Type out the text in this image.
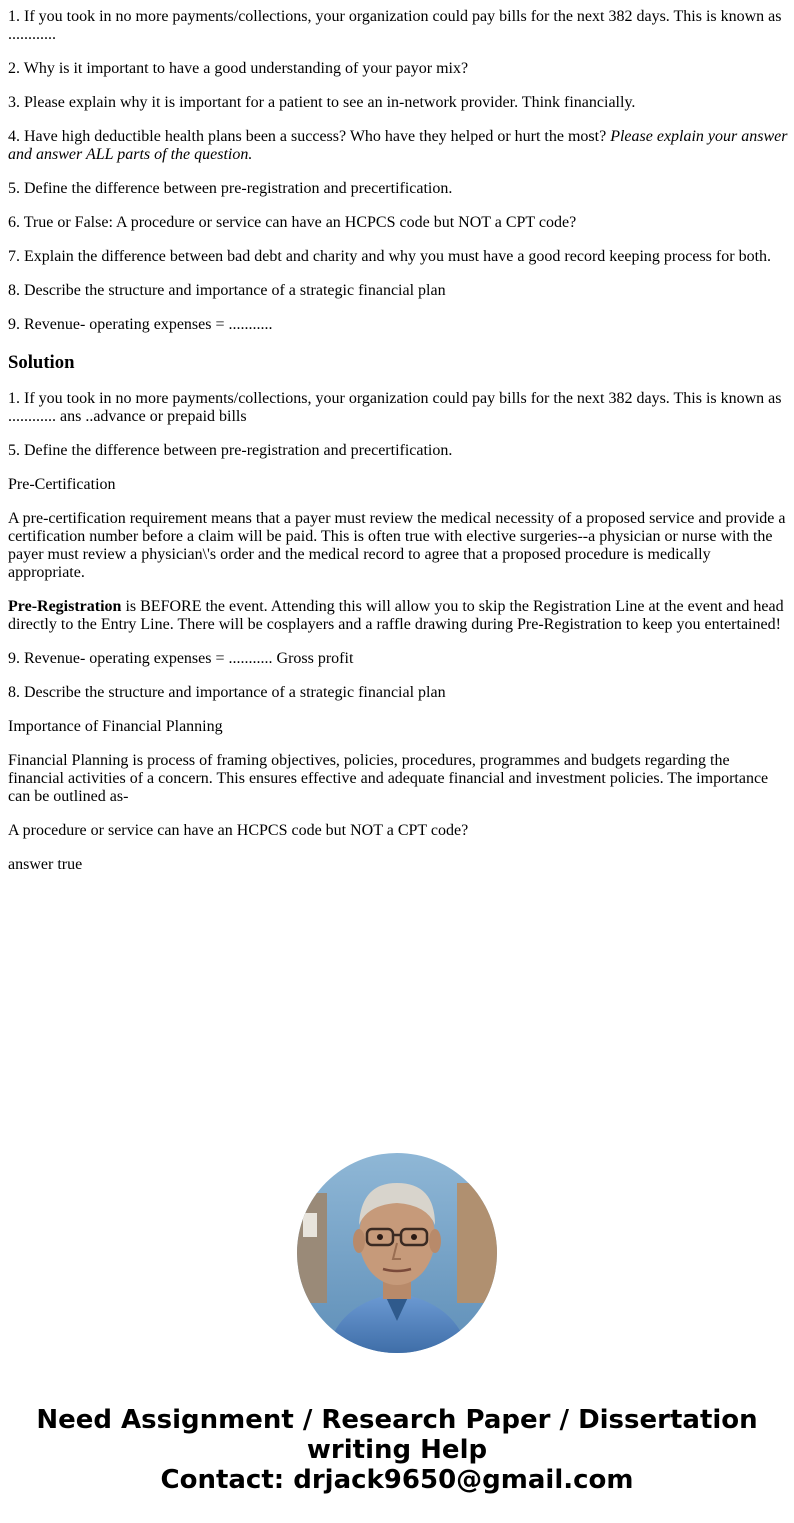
1. If you took in no more payments/collections, your organization could pay bills for the next 382 days. This is known as ............

2. Why is it important to have a good understanding of your payor mix?

3. Please explain why it is important for a patient to see an in-network provider. Think financially.

4. Have high deductible health plans been a success? Who have they helped or hurt the most? Please explain your answer and answer ALL parts of the question.

5. Define the difference between pre-registration and precertification.

6. True or False: A procedure or service can have an HCPCS code but NOT a CPT code?

7. Explain the difference between bad debt and charity and why you must have a good record keeping process for both.

8. Describe the structure and importance of a strategic financial plan

9. Revenue- operating expenses = ...........

Solution

1. If you took in no more payments/collections, your organization could pay bills for the next 382 days. This is known as ............ ans ..advance or prepaid bills

5. Define the difference between pre-registration and precertification.

Pre-Certification

A pre-certification requirement means that a payer must review the medical necessity of a proposed service and provide a certification number before a claim will be paid. This is often true with elective surgeries--a physician or nurse with the payer must review a physician\'s order and the medical record to agree that a proposed procedure is medically appropriate.

Pre-Registration is BEFORE the event. Attending this will allow you to skip the Registration Line at the event and head directly to the Entry Line. There will be cosplayers and a raffle drawing during Pre-Registration to keep you entertained!

9. Revenue- operating expenses = ........... Gross profit

8. Describe the structure and importance of a strategic financial plan

Importance of Financial Planning

Financial Planning is process of framing objectives, policies, procedures, programmes and budgets regarding the financial activities of a concern. This ensures effective and adequate financial and investment policies. The importance can be outlined as-

A procedure or service can have an HCPCS code but NOT a CPT code?

answer true

Need Assignment / Research Paper / Dissertation
writing Help
Contact: drjack9650@gmail.com
